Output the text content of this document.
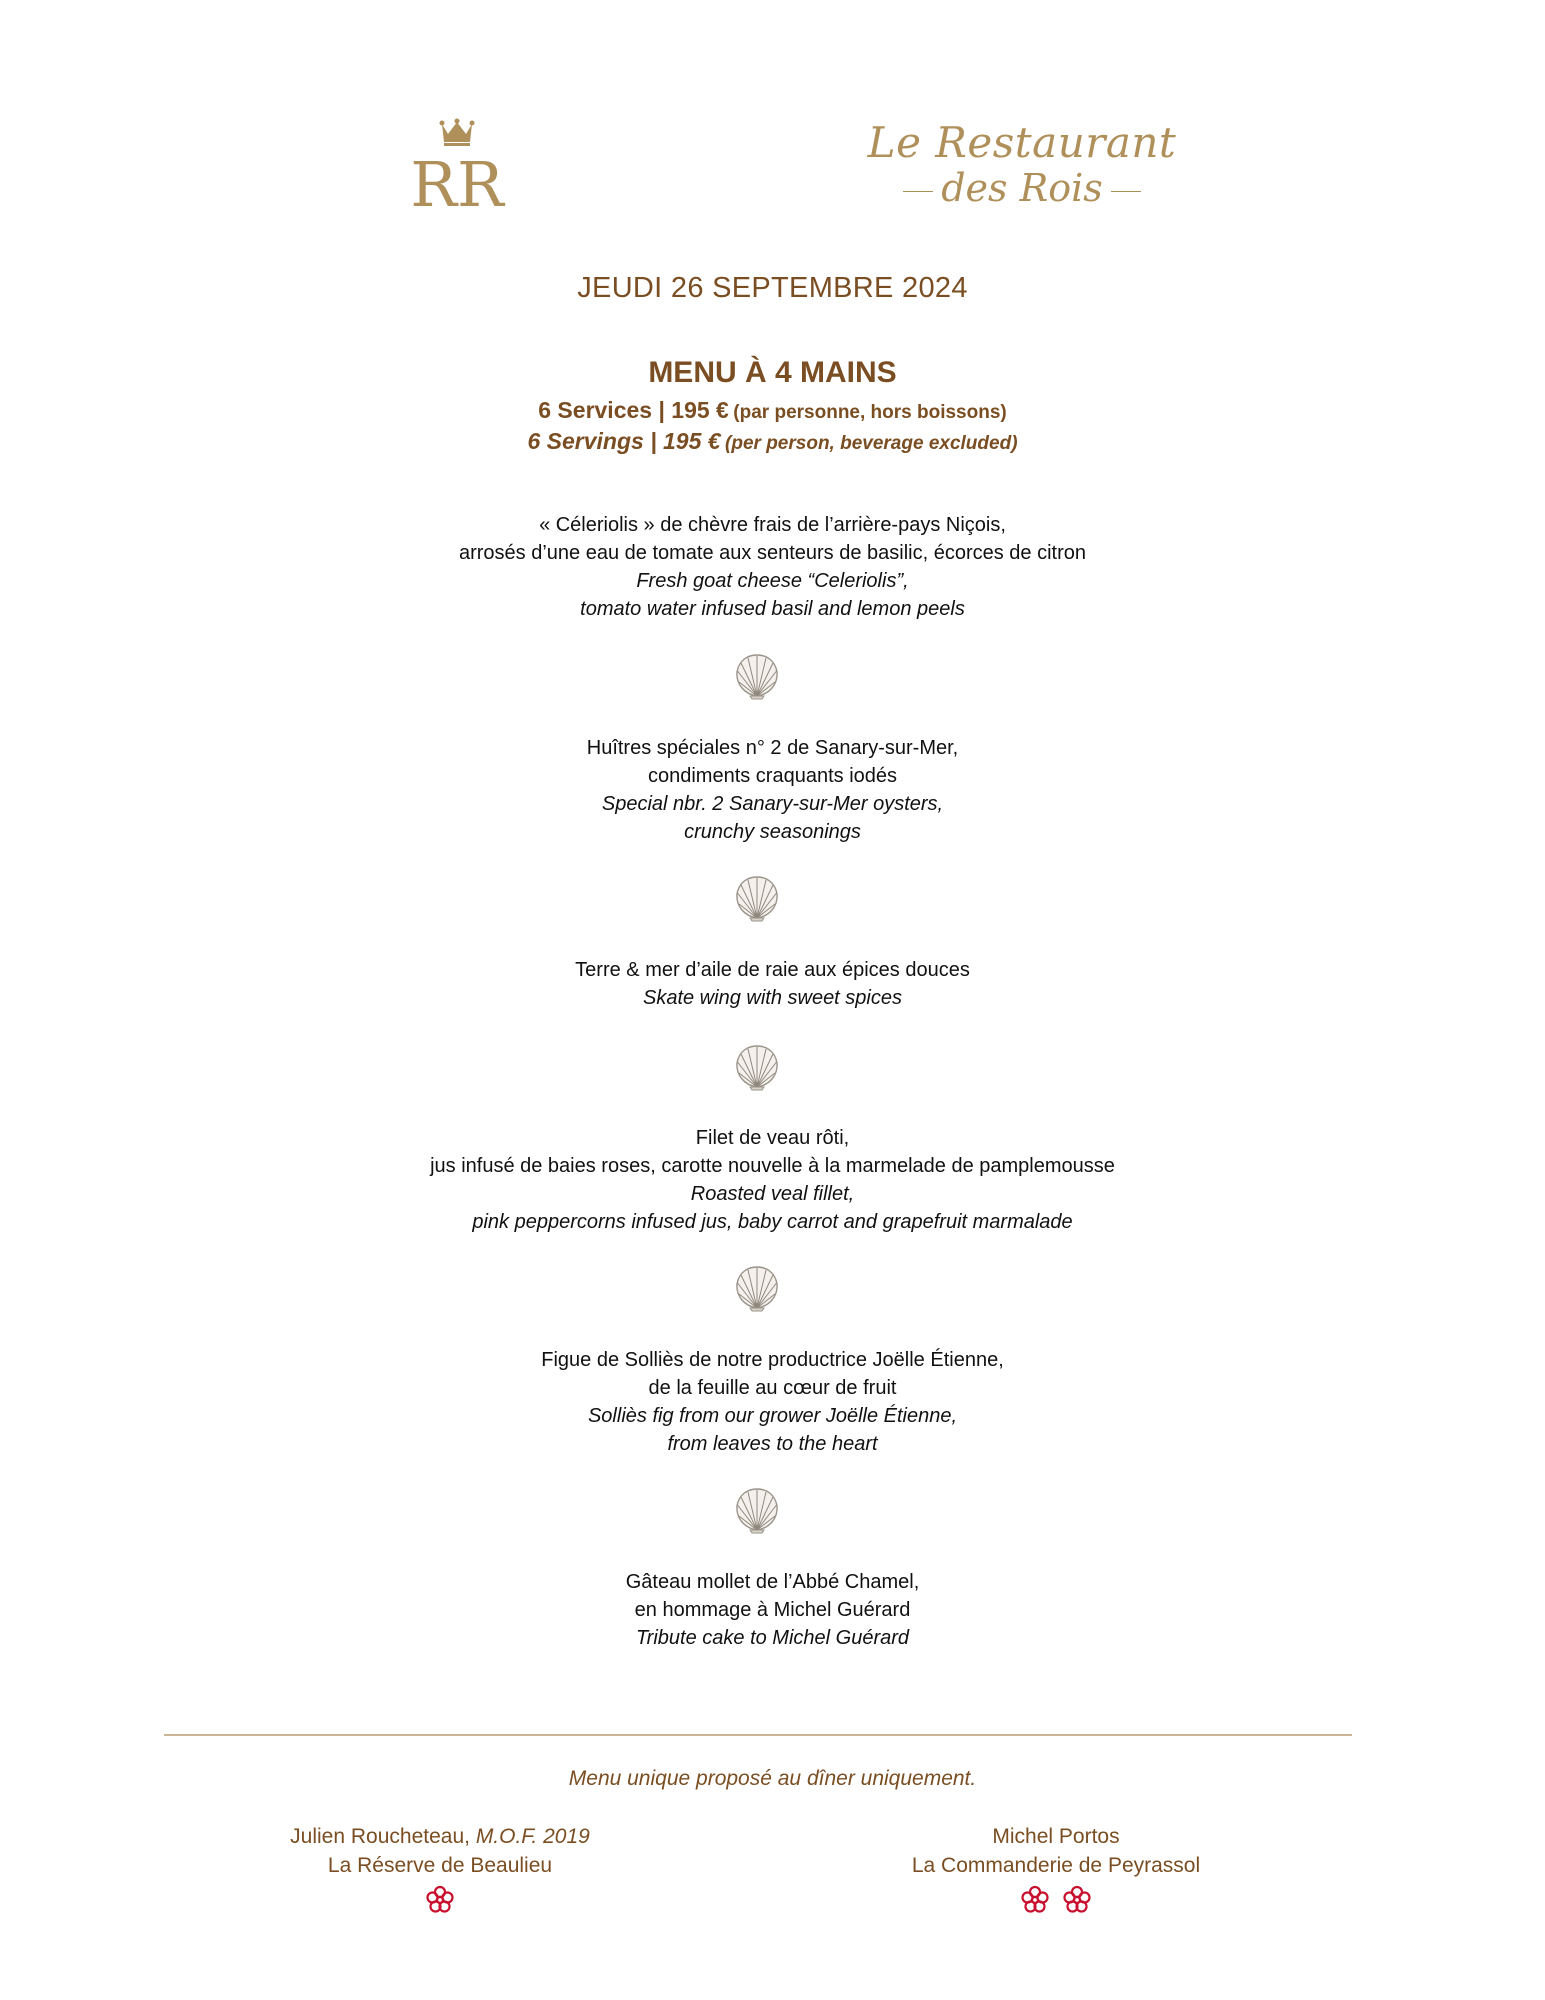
RR
Le Restaurant
des Rois
JEUDI 26 SEPTEMBRE 2024
MENU À 4 MAINS
6 Services | 195 € (par personne, hors boissons)
6 Servings | 195 € (per person, beverage excluded)
« Céleriolis » de chèvre frais de l’arrière-pays Niçois,
arrosés d’une eau de tomate aux senteurs de basilic, écorces de citron
Fresh goat cheese “Celeriolis”,
tomato water infused basil and lemon peels
Huîtres spéciales n° 2 de Sanary-sur-Mer,
condiments craquants iodés
Special nbr. 2 Sanary-sur-Mer oysters,
crunchy seasonings
Terre & mer d’aile de raie aux épices douces
Skate wing with sweet spices
Filet de veau rôti,
jus infusé de baies roses, carotte nouvelle à la marmelade de pamplemousse
Roasted veal fillet,
pink peppercorns infused jus, baby carrot and grapefruit marmalade
Figue de Solliès de notre productrice Joëlle Étienne,
de la feuille au cœur de fruit
Solliès fig from our grower Joëlle Étienne,
from leaves to the heart
Gâteau mollet de l’Abbé Chamel,
en hommage à Michel Guérard
Tribute cake to Michel Guérard
Menu unique proposé au dîner uniquement.
Julien Roucheteau, M.O.F. 2019
La Réserve de Beaulieu
Michel Portos
La Commanderie de Peyrassol
